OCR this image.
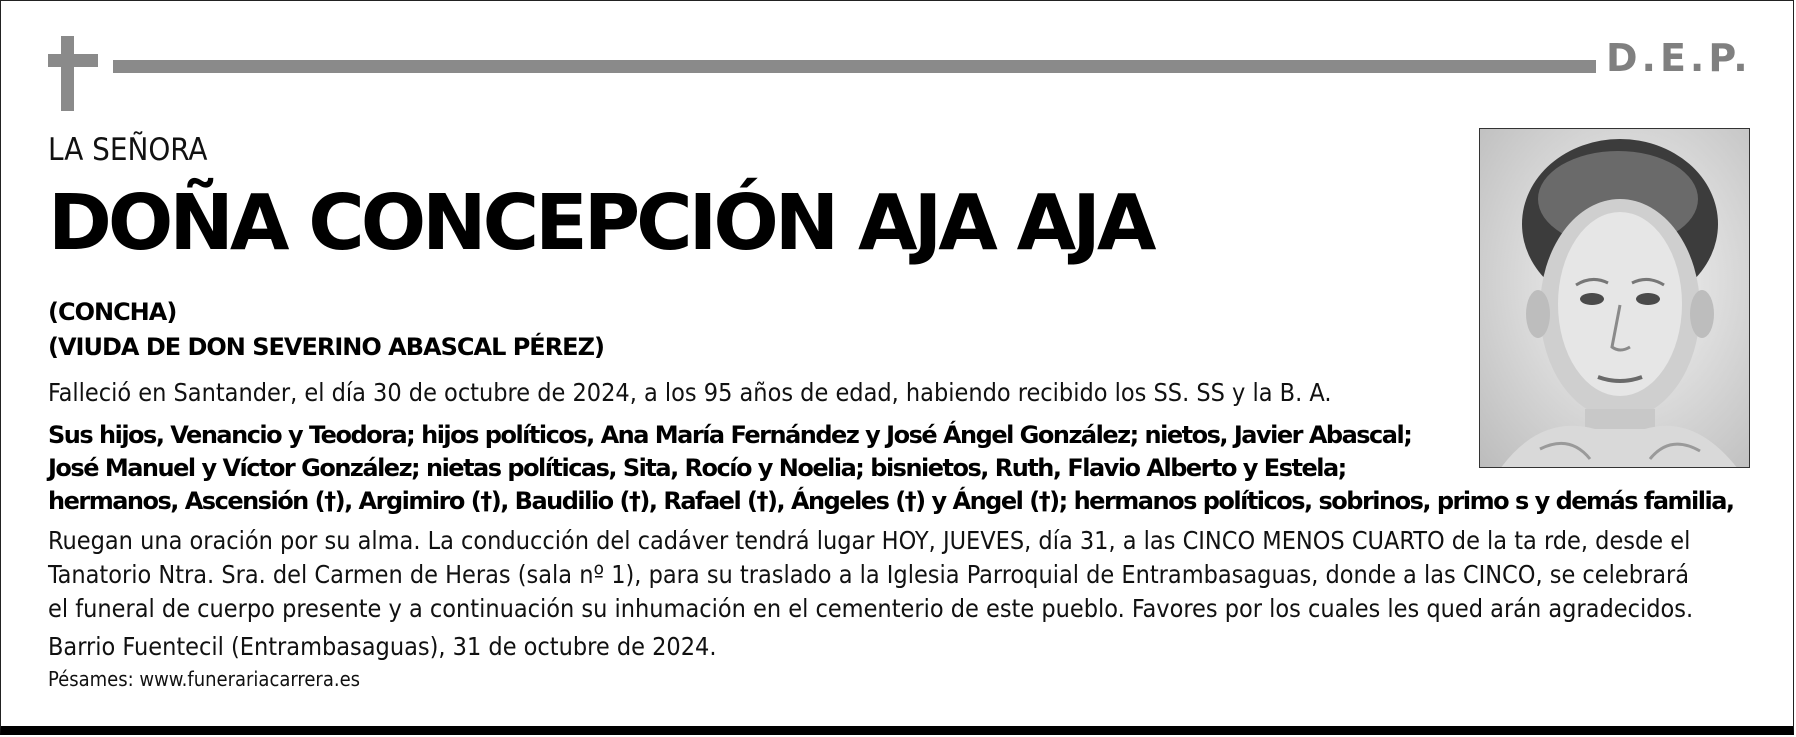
D.E.P.
LA SEÑORA
DOÑA CONCEPCIÓN AJA AJA
(CONCHA)
(VIUDA DE DON SEVERINO ABASCAL PÉREZ)
Falleció en Santander, el día 30 de octubre de 2024, a los 95 años de edad, habiendo recibido los SS. SS y la B. A.
Sus hijos, Venancio y Teodora; hijos políticos, Ana María Fernández y José Ángel González; nietos, Javier Abascal;
José Manuel y Víctor González; nietas políticas, Sita, Rocío y Noelia; bisnietos, Ruth, Flavio Alberto y Estela;
hermanos, Ascensión (†), Argimiro (†), Baudilio (†), Rafael (†), Ángeles (†) y Ángel (†); hermanos políticos, sobrinos, primo s y demás familia,
Ruegan una oración por su alma. La conducción del cadáver tendrá lugar HOY, JUEVES, día 31, a las CINCO MENOS CUARTO de la ta rde, desde el
Tanatorio Ntra. Sra. del Carmen de Heras (sala nº 1), para su traslado a la Iglesia Parroquial de Entrambasaguas, donde a las CINCO, se celebrará
el funeral de cuerpo presente y a continuación su inhumación en el cementerio de este pueblo. Favores por los cuales les qued arán agradecidos.
Barrio Fuentecil (Entrambasaguas), 31 de octubre de 2024.
Pésames: www.funerariacarrera.es
